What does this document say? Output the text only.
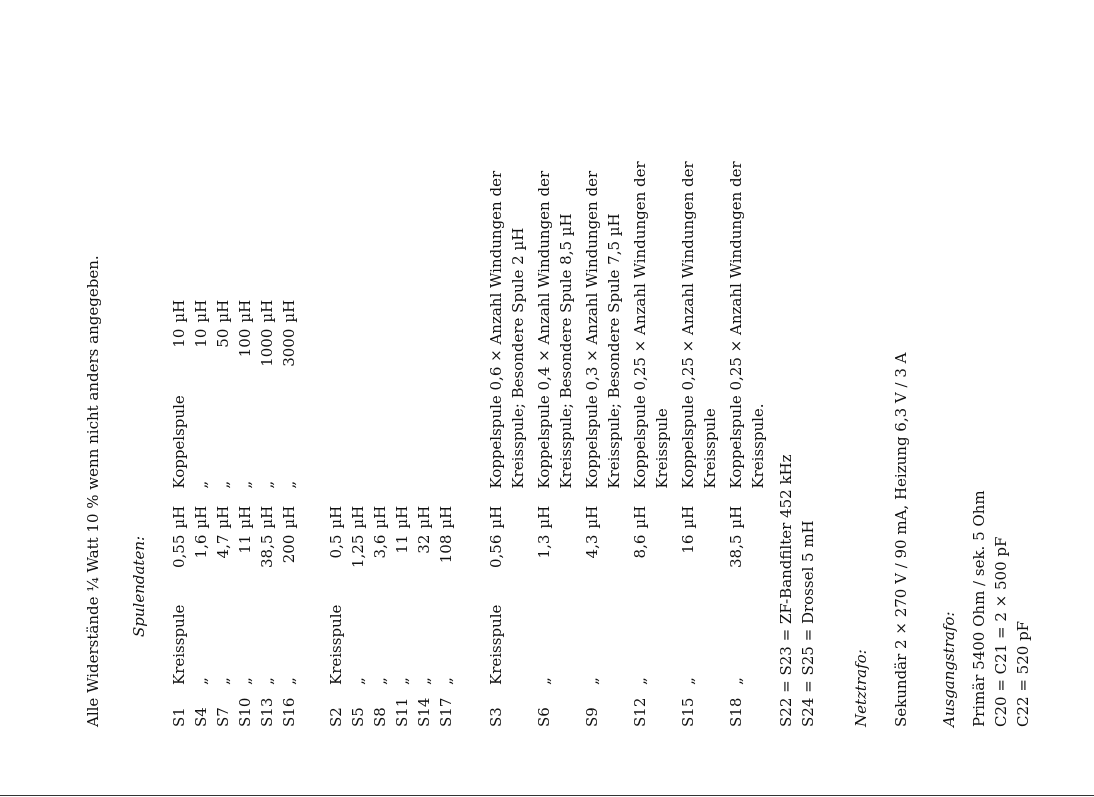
Alle Widerstände ¼ Watt 10 % wenn nicht anders angegeben. Spulendaten:
S1	Kreisspule	0,55	µH	Koppelspule	10	µH
S4	„	1,6	µH	„	10	µH
S7	„	4,7	µH	„	50	µH
S10	„	11	µH	„	100	µH
S13	„	38,5	µH	„	1000	µH
S16	„	200	µH	„	3000	µH
S2	Kreisspule	0,5	µH
S5	„	1,25	µH
S8	„	3,6	µH
S11	„	11	µH
S14	„	32	µH
S17	„	108	µH
S3	Kreisspule	0,56	µH	Koppelspule 0,6 × Anzahl Windungen der Kreisspule; Besondere Spule 2 µH
S6	„	1,3	µH	Koppelspule 0,4 × Anzahl Windungen der Kreisspule; Besondere Spule 8,5 µH
S9	„	4,3	µH	Koppelspule 0,3 × Anzahl Windungen der Kreisspule; Besondere Spule 7,5 µH
S12	„	8,6	µH	Koppelspule 0,25 × Anzahl Windungen der Kreisspule
S15	„	16	µH	Koppelspule 0,25 × Anzahl Windungen der Kreisspule
S18	„	38,5	µH	Koppelspule 0,25 × Anzahl Windungen der Kreisspule.
S22 = S23 = ZF-Bandfilter 452 kHz
S24 = S25 = Drossel 5 mH
Netztrafo: Sekundär 2 × 270 V / 90 mA, Heizung 6,3 V / 3 A Ausgangstrafo: Primär 5400 Ohm / sek. 5 Ohm C20 = C21 = 2 × 500 pF C22 = 520 pF
